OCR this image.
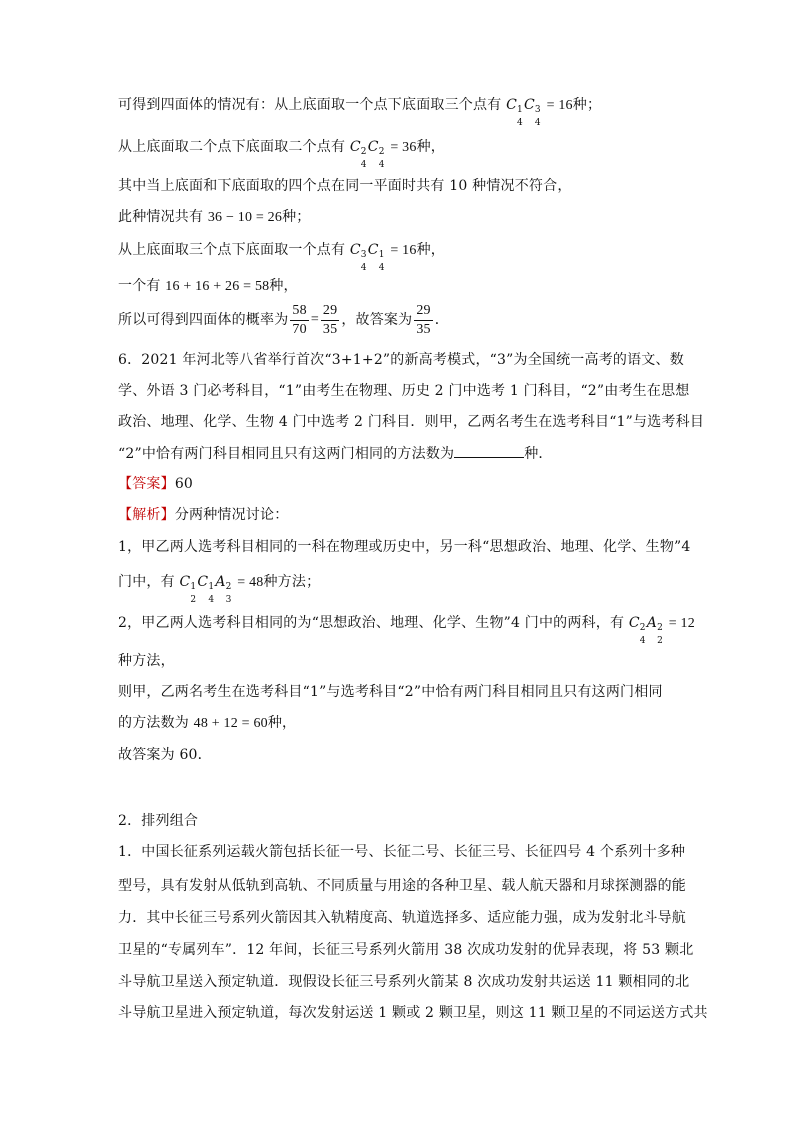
可得到四面体的情况有：从上底面取一个点下底面取三个点有 C 1
4
C 3
4
= 16种；
从上底面取二个点下底面取二个点有 C 2
4
C 2
4
= 36种，
其中当上底面和下底面取的四个点在同一平面时共有 10 种情况不符合，
此种情况共有 36 − 10 = 26种；
从上底面取三个点下底面取一个点有 C 3
4
C 1
4
= 16种，
一个有 16 + 16 + 26 = 58种，
所以可得到四面体的概率为 $\frac{58}{70} = \frac{29}{35}$ ，故答案为 $\frac{29}{35}$ ．
6．2021 年河北等八省举行首次“3+1+2”的新高考模式，“3”为全国统一高考的语文、数
学、外语 3 门必考科目，“1”由考生在物理、历史 2 门中选考 1 门科目，“2”由考生在思想
政治、地理、化学、生物 4 门中选考 2 门科目．则甲，乙两名考生在选考科目“1”与选考科目
“2”中恰有两门科目相同且只有这两门相同的方法数为	种．
【答案】60
【解析】分两种情况讨论：
1，甲乙两人选考科目相同的一科在物理或历史中，另一科“思想政治、地理、化学、生物”4
门中，有 C 1
2
C 1
4
A 2
3
= 48种方法；
2，甲乙两人选考科目相同的为“思想政治、地理、化学、生物”4 门中的两科，有 C 2
4
A 2
2
= 12
种方法，
则甲，乙两名考生在选考科目“1”与选考科目“2”中恰有两门科目相同且只有这两门相同
的方法数为 48 + 12 = 60种，
故答案为 60．
2．排列组合
1．中国长征系列运载火箭包括长征一号、长征二号、长征三号、长征四号 4 个系列十多种
型号，具有发射从低轨到高轨、不同质量与用途的各种卫星、载人航天器和月球探测器的能
力．其中长征三号系列火箭因其入轨精度高、轨道选择多、适应能力强，成为发射北斗导航
卫星的“专属列车”．12 年间，长征三号系列火箭用 38 次成功发射的优异表现，将 53 颗北
斗导航卫星送入预定轨道．现假设长征三号系列火箭某 8 次成功发射共运送 11 颗相同的北
斗导航卫星进入预定轨道，每次发射运送 1 颗或 2 颗卫星，则这 11 颗卫星的不同运送方式共
